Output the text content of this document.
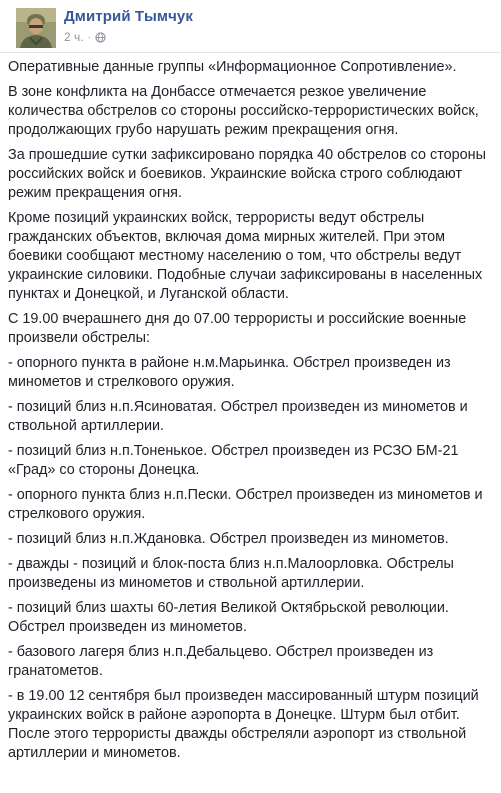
Дмитрий Тымчук
2 ч. ·

Оперативные данные группы «Информационное Сопротивление».

В зоне конфликта на Донбассе отмечается резкое увеличение количества обстрелов со стороны российско-террористических войск, продолжающих грубо нарушать режим прекращения огня.

За прошедшие сутки зафиксировано порядка 40 обстрелов со стороны российских войск и боевиков. Украинские войска строго соблюдают режим прекращения огня.

Кроме позиций украинских войск, террористы ведут обстрелы гражданских объектов, включая дома мирных жителей. При этом боевики сообщают местному населению о том, что обстрелы ведут украинские силовики. Подобные случаи зафиксированы в населенных пунктах и Донецкой, и Луганской области.

С 19.00 вчерашнего дня до 07.00 террористы и российские военные произвели обстрелы:

- опорного пункта в районе н.м.Марьинка. Обстрел произведен из минометов и стрелкового оружия.

- позиций близ н.п.Ясиноватая. Обстрел произведен из минометов и ствольной артиллерии.

- позиций близ н.п.Тоненькое. Обстрел произведен из РСЗО БМ-21 «Град» со стороны Донецка.

- опорного пункта близ н.п.Пески. Обстрел произведен из минометов и стрелкового оружия.

- позиций близ н.п.Ждановка. Обстрел произведен из минометов.

- дважды - позиций и блок-поста близ н.п.Малоорловка. Обстрелы произведены из минометов и ствольной артиллерии.

- позиций близ шахты 60-летия Великой Октябрьской революции. Обстрел произведен из минометов.

- базового лагеря близ н.п.Дебальцево. Обстрел произведен из гранатометов.

- в 19.00 12 сентября был произведен массированный штурм позиций украинских войск в районе аэропорта в Донецке. Штурм был отбит. После этого террористы дважды обстреляли аэропорт из ствольной артиллерии и минометов.
